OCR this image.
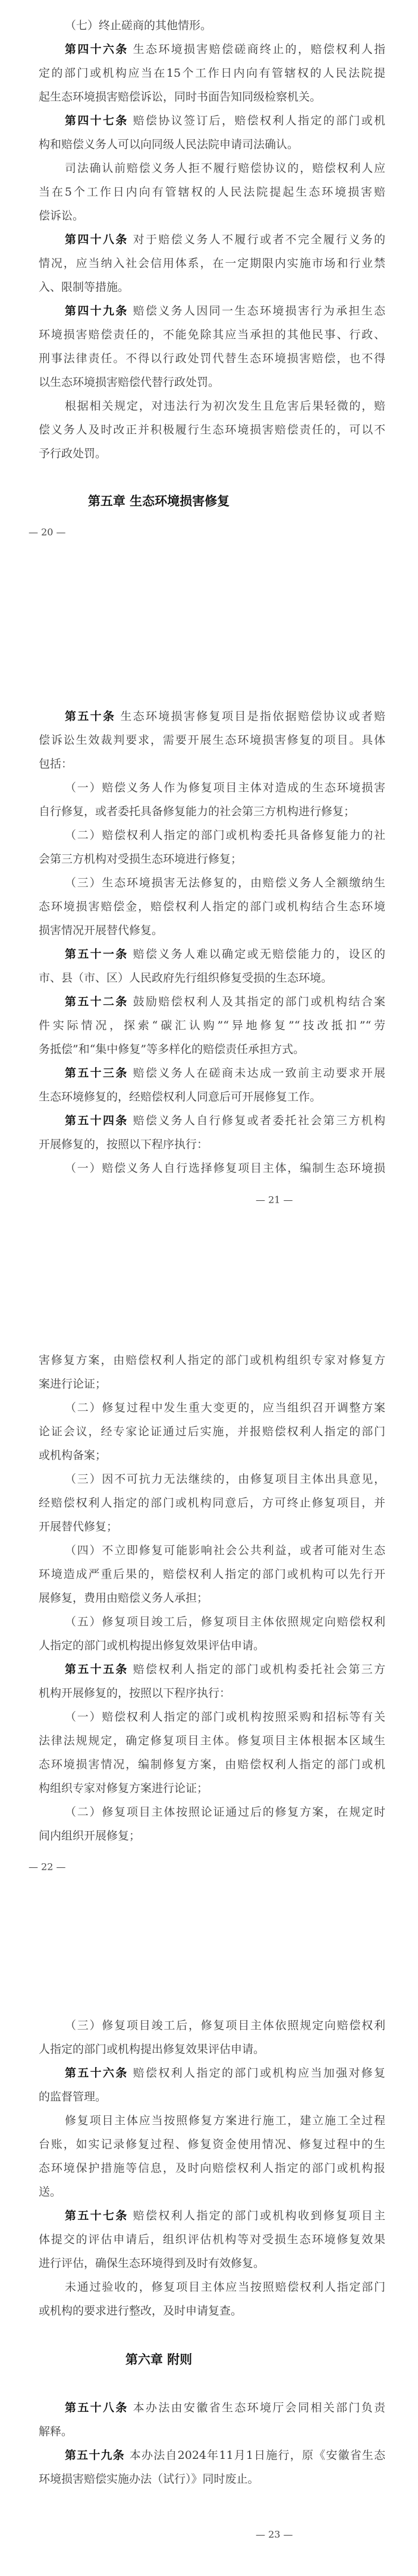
（七）终止磋商的其他情形。
第四十六条 生态环境损害赔偿磋商终止的，赔偿权利人指
定的部门或机构应当在15个工作日内向有管辖权的人民法院提
起生态环境损害赔偿诉讼，同时书面告知同级检察机关。
第四十七条 赔偿协议签订后，赔偿权利人指定的部门或机
构和赔偿义务人可以向同级人民法院申请司法确认。
司法确认前赔偿义务人拒不履行赔偿协议的，赔偿权利人应
当在5个工作日内向有管辖权的人民法院提起生态环境损害赔
偿诉讼。
第四十八条 对于赔偿义务人不履行或者不完全履行义务的
情况，应当纳入社会信用体系，在一定期限内实施市场和行业禁
入、限制等措施。
第四十九条 赔偿义务人因同一生态环境损害行为承担生态
环境损害赔偿责任的，不能免除其应当承担的其他民事、行政、
刑事法律责任。不得以行政处罚代替生态环境损害赔偿，也不得
以生态环境损害赔偿代替行政处罚。
根据相关规定，对违法行为初次发生且危害后果轻微的，赔
偿义务人及时改正并积极履行生态环境损害赔偿责任的，可以不
予行政处罚。
第五章 生态环境损害修复
— 20 —
第五十条 生态环境损害修复项目是指依据赔偿协议或者赔
偿诉讼生效裁判要求，需要开展生态环境损害修复的项目。具体
包括：
（一）赔偿义务人作为修复项目主体对造成的生态环境损害
自行修复，或者委托具备修复能力的社会第三方机构进行修复；
（二）赔偿权利人指定的部门或机构委托具备修复能力的社
会第三方机构对受损生态环境进行修复；
（三）生态环境损害无法修复的，由赔偿义务人全额缴纳生
态环境损害赔偿金，赔偿权利人指定的部门或机构结合生态环境
损害情况开展替代修复。
第五十一条 赔偿义务人难以确定或无赔偿能力的，设区的
市、县（市、区）人民政府先行组织修复受损的生态环境。
第五十二条 鼓励赔偿权利人及其指定的部门或机构结合案
件实际情况，探索“碳汇认购”“异地修复”“技改抵扣”“劳
务抵偿”和“集中修复”等多样化的赔偿责任承担方式。
第五十三条 赔偿义务人在磋商未达成一致前主动要求开展
生态环境修复的，经赔偿权利人同意后可开展修复工作。
第五十四条 赔偿义务人自行修复或者委托社会第三方机构
开展修复的，按照以下程序执行：
（一）赔偿义务人自行选择修复项目主体，编制生态环境损
— 21 —
害修复方案，由赔偿权利人指定的部门或机构组织专家对修复方
案进行论证；
（二）修复过程中发生重大变更的，应当组织召开调整方案
论证会议，经专家论证通过后实施，并报赔偿权利人指定的部门
或机构备案；
（三）因不可抗力无法继续的，由修复项目主体出具意见，
经赔偿权利人指定的部门或机构同意后，方可终止修复项目，并
开展替代修复；
（四）不立即修复可能影响社会公共利益，或者可能对生态
环境造成严重后果的，赔偿权利人指定的部门或机构可以先行开
展修复，费用由赔偿义务人承担；
（五）修复项目竣工后，修复项目主体依照规定向赔偿权利
人指定的部门或机构提出修复效果评估申请。
第五十五条 赔偿权利人指定的部门或机构委托社会第三方
机构开展修复的，按照以下程序执行：
（一）赔偿权利人指定的部门或机构按照采购和招标等有关
法律法规规定，确定修复项目主体。修复项目主体根据本区域生
态环境损害情况，编制修复方案，由赔偿权利人指定的部门或机
构组织专家对修复方案进行论证；
（二）修复项目主体按照论证通过后的修复方案，在规定时
间内组织开展修复；
— 22 —
（三）修复项目竣工后，修复项目主体依照规定向赔偿权利
人指定的部门或机构提出修复效果评估申请。
第五十六条 赔偿权利人指定的部门或机构应当加强对修复
的监督管理。
修复项目主体应当按照修复方案进行施工，建立施工全过程
台账，如实记录修复过程、修复资金使用情况、修复过程中的生
态环境保护措施等信息，及时向赔偿权利人指定的部门或机构报
送。
第五十七条 赔偿权利人指定的部门或机构收到修复项目主
体提交的评估申请后，组织评估机构等对受损生态环境修复效果
进行评估，确保生态环境得到及时有效修复。
未通过验收的，修复项目主体应当按照赔偿权利人指定部门
或机构的要求进行整改，及时申请复查。
第六章 附则
第五十八条 本办法由安徽省生态环境厅会同相关部门负责
解释。
第五十九条 本办法自2024年11月1日施行，原《安徽省生态
环境损害赔偿实施办法（试行）》同时废止。
— 23 —
